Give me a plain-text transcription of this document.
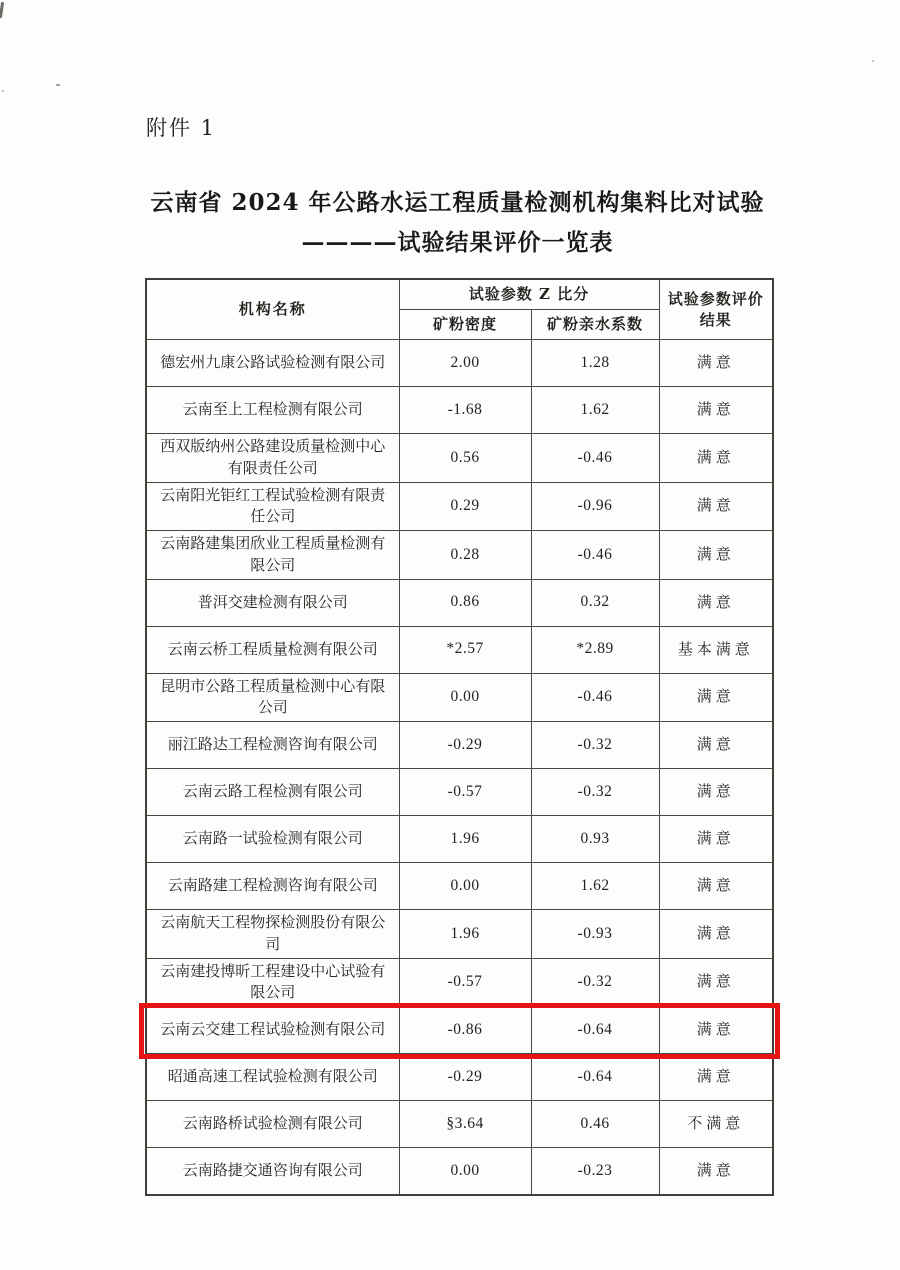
附件 1
云南省 2024 年公路水运工程质量检测机构集料比对试验
————试验结果评价一览表
机构名称	试验参数 Z 比分		试验参数评价结果
	矿粉密度	矿粉亲水系数	
德宏州九康公路试验检测有限公司	2.00	1.28	满意
云南至上工程检测有限公司	-1.68	1.62	满意
西双版纳州公路建设质量检测中心有限责任公司	0.56	-0.46	满意
云南阳光钜红工程试验检测有限责任公司	0.29	-0.96	满意
云南路建集团欣业工程质量检测有限公司	0.28	-0.46	满意
普洱交建检测有限公司	0.86	0.32	满意
云南云桥工程质量检测有限公司	*2.57	*2.89	基本满意
昆明市公路工程质量检测中心有限公司	0.00	-0.46	满意
丽江路达工程检测咨询有限公司	-0.29	-0.32	满意
云南云路工程检测有限公司	-0.57	-0.32	满意
云南路一试验检测有限公司	1.96	0.93	满意
云南路建工程检测咨询有限公司	0.00	1.62	满意
云南航天工程物探检测股份有限公司	1.96	-0.93	满意
云南建投博昕工程建设中心试验有限公司	-0.57	-0.32	满意
云南云交建工程试验检测有限公司	-0.86	-0.64	满意
昭通高速工程试验检测有限公司	-0.29	-0.64	满意
云南路桥试验检测有限公司	§3.64	0.46	不满意
云南路捷交通咨询有限公司	0.00	-0.23	满意
